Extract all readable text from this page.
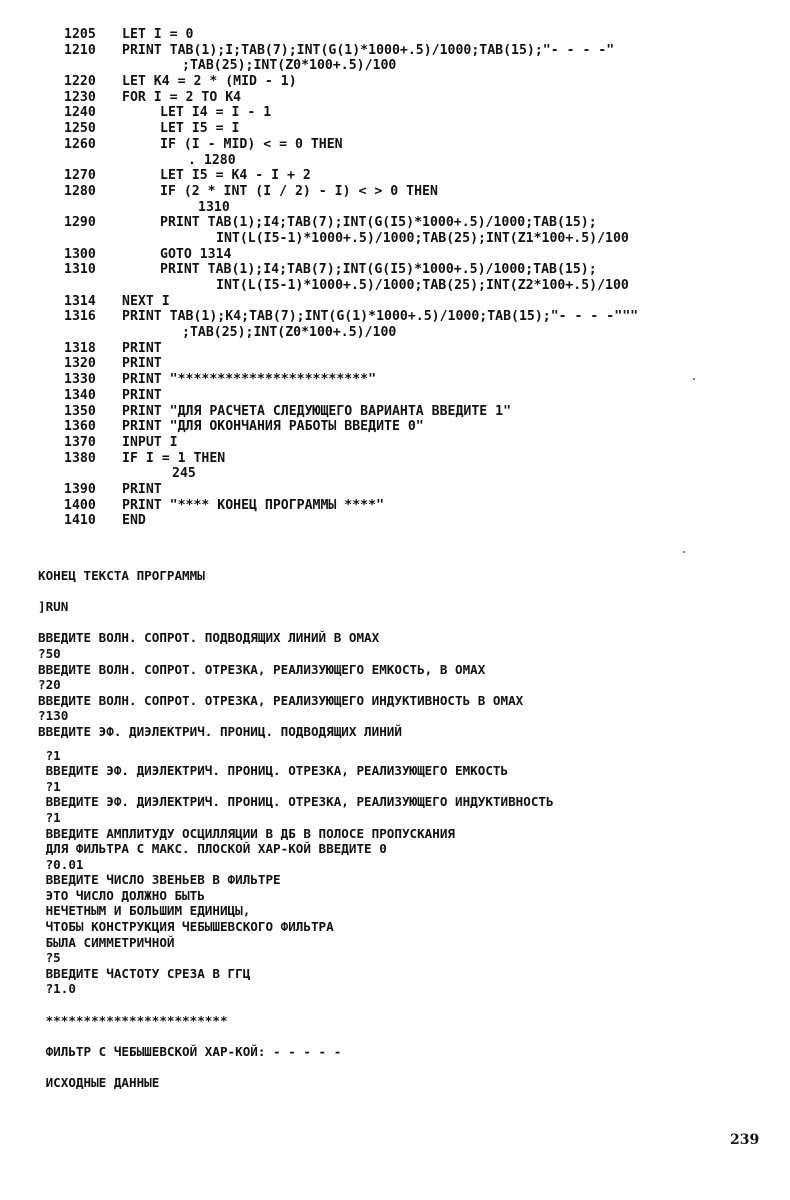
1205	LET I = 0
1210	PRINT TAB(1);I;TAB(7);INT(G(1)*1000+.5)/1000;TAB(15);"- - - -"
;TAB(25);INT(Z0*100+.5)/100
1220	LET K4 = 2 * (MID - 1)
1230	FOR I = 2 TO K4
1240	LET I4 = I - 1
1250	LET I5 = I
1260	IF (I - MID) < = 0 THEN
. 1280
1270	LET I5 = K4 - I + 2
1280	IF (2 * INT (I / 2) - I) < > 0 THEN
1310
1290	PRINT TAB(1);I4;TAB(7);INT(G(I5)*1000+.5)/1000;TAB(15);
INT(L(I5-1)*1000+.5)/1000;TAB(25);INT(Z1*100+.5)/100
1300	GOTO 1314
1310	PRINT TAB(1);I4;TAB(7);INT(G(I5)*1000+.5)/1000;TAB(15);
INT(L(I5-1)*1000+.5)/1000;TAB(25);INT(Z2*100+.5)/100
1314	NEXT I
1316	PRINT TAB(1);K4;TAB(7);INT(G(1)*1000+.5)/1000;TAB(15);"- - - -"""
;TAB(25);INT(Z0*100+.5)/100
1318	PRINT
1320	PRINT
1330	PRINT "************************"
1340	PRINT
1350	PRINT "ДЛЯ РАСЧЕТА СЛЕДУЮЩЕГО ВАРИАНТА ВВЕДИТЕ 1"
1360	PRINT "ДЛЯ ОКОНЧАНИЯ РАБОТЫ ВВЕДИТЕ 0"
1370	INPUT I
1380	IF I = 1 THEN
245
1390	PRINT
1400	PRINT "**** КОНЕЦ ПРОГРАММЫ ****"
1410	END
КОНЕЦ ТЕКСТА ПРОГРАММЫ
]RUN
ВВЕДИТЕ ВОЛН. СОПРОТ. ПОДВОДЯЩИХ ЛИНИЙ В ОМАХ
?50
ВВЕДИТЕ ВОЛН. СОПРОТ. ОТРЕЗКА, РЕАЛИЗУЮЩЕГО ЕМКОСТЬ, В ОМАХ
?20
ВВЕДИТЕ ВОЛН. СОПРОТ. ОТРЕЗКА, РЕАЛИЗУЮЩЕГО ИНДУКТИВНОСТЬ В ОМАХ
?130
ВВЕДИТЕ ЭФ. ДИЭЛЕКТРИЧ. ПРОНИЦ. ПОДВОДЯЩИХ ЛИНИЙ
?1
ВВЕДИТЕ ЭФ. ДИЭЛЕКТРИЧ. ПРОНИЦ. ОТРЕЗКА, РЕАЛИЗУЮЩЕГО ЕМКОСТЬ
?1
ВВЕДИТЕ ЭФ. ДИЭЛЕКТРИЧ. ПРОНИЦ. ОТРЕЗКА, РЕАЛИЗУЮЩЕГО ИНДУКТИВНОСТЬ
?1
ВВЕДИТЕ АМПЛИТУДУ ОСЦИЛЛЯЦИИ В ДБ В ПОЛОСЕ ПРОПУСКАНИЯ
ДЛЯ ФИЛЬТРА С МАКС. ПЛОСКОЙ ХАР-КОЙ ВВЕДИТЕ 0
?0.01
ВВЕДИТЕ ЧИСЛО ЗВЕНЬЕВ В ФИЛЬТРЕ
ЭТО ЧИСЛО ДОЛЖНО БЫТЬ
НЕЧЕТНЫМ И БОЛЬШИМ ЕДИНИЦЫ,
ЧТОБЫ КОНСТРУКЦИЯ ЧЕБЫШЕВСКОГО ФИЛЬТРА
БЫЛА СИММЕТРИЧНОЙ
?5
ВВЕДИТЕ ЧАСТОТУ СРЕЗА В ГГЦ
?1.0
************************
ФИЛЬТР С ЧЕБЫШЕВСКОЙ ХАР-КОЙ: - - - - -
ИСХОДНЫЕ ДАННЫЕ
239
